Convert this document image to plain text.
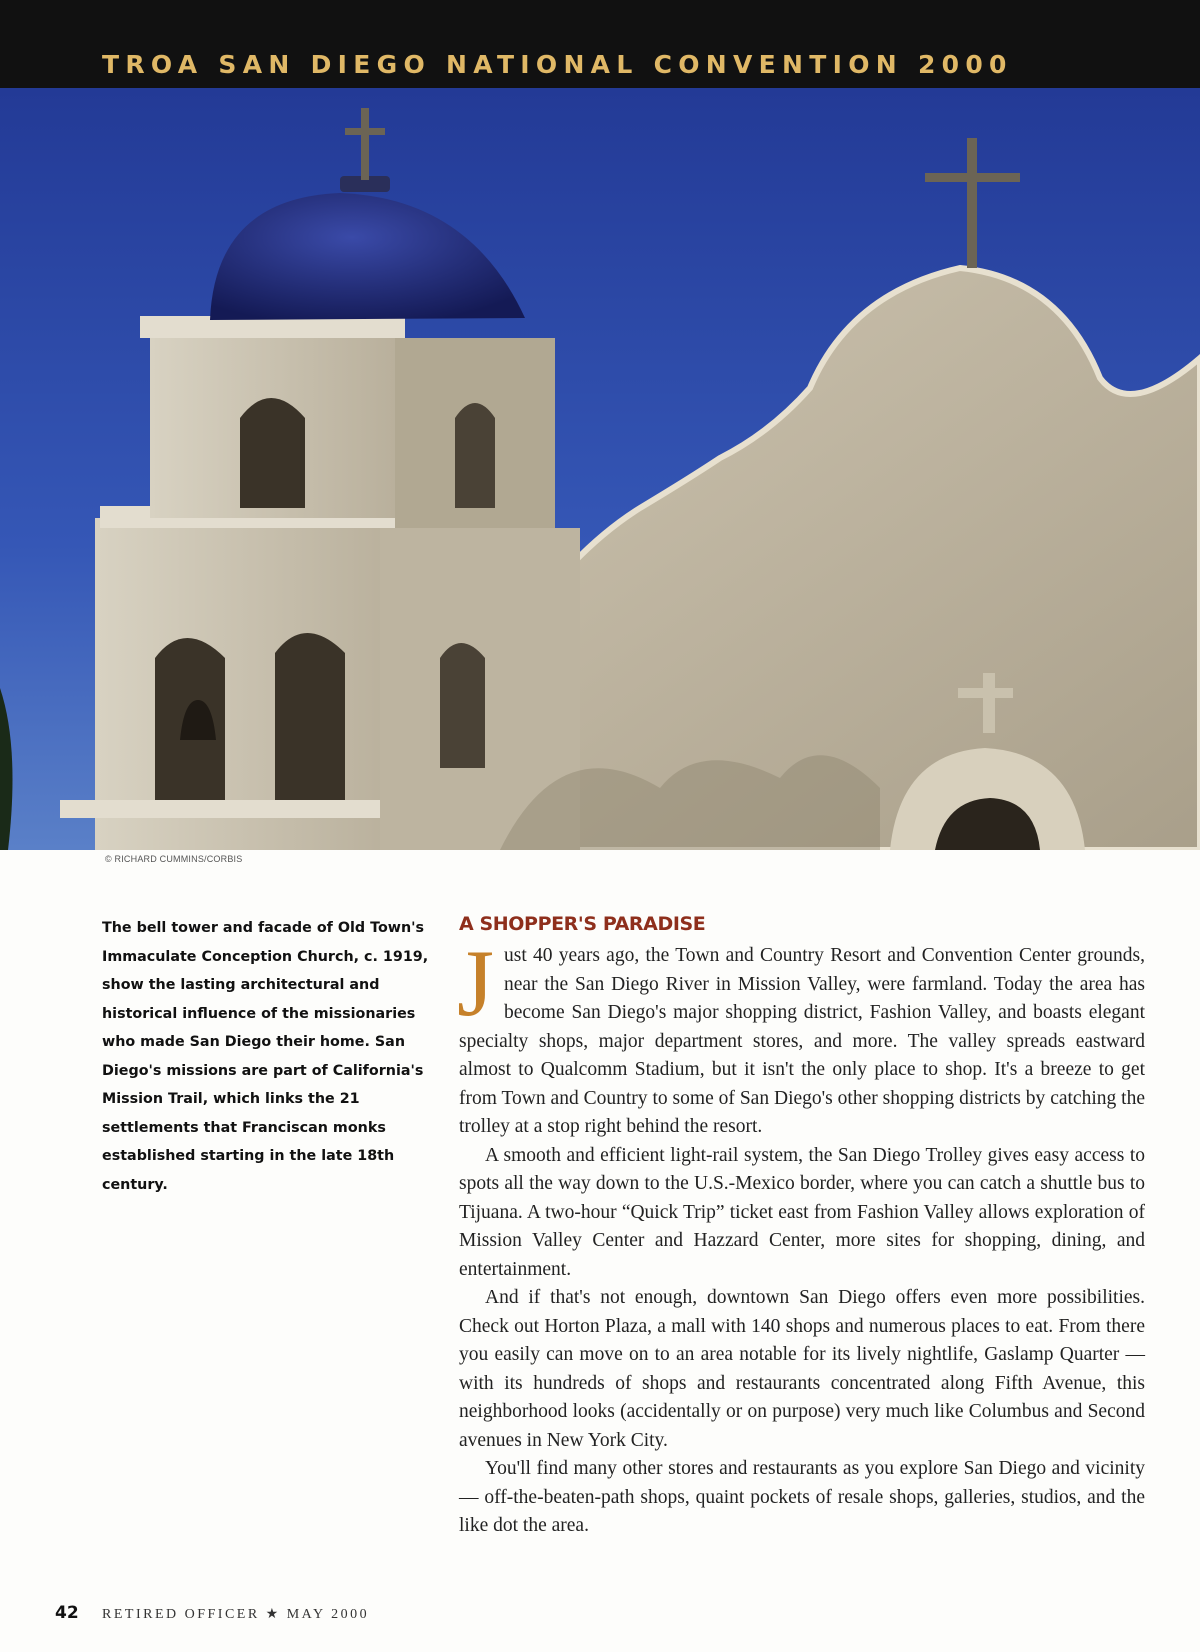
TROA SAN DIEGO NATIONAL CONVENTION 2000
© RICHARD CUMMINS/CORBIS
The bell tower and facade of Old Town's Immaculate Conception Church, c. 1919, show the lasting architectural and historical influence of the missionaries who made San Diego their home. San Diego's missions are part of California's Mission Trail, which links the 21 settlements that Franciscan monks established starting in the late 18th century.
A SHOPPER'S PARADISE

Just 40 years ago, the Town and Country Resort and Convention Center grounds, near the San Diego River in Mission Valley, were farmland. Today the area has become San Diego's major shopping district, Fashion Valley, and boasts elegant specialty shops, major department stores, and more. The valley spreads eastward almost to Qualcomm Stadium, but it isn't the only place to shop. It's a breeze to get from Town and Country to some of San Diego's other shopping districts by catching the trolley at a stop right behind the resort.

A smooth and efficient light-rail system, the San Diego Trolley gives easy access to spots all the way down to the U.S.-Mexico border, where you can catch a shuttle bus to Tijuana. A two-hour “Quick Trip” ticket east from Fashion Valley allows exploration of Mission Valley Center and Hazzard Center, more sites for shopping, dining, and entertainment.

And if that's not enough, downtown San Diego offers even more possibilities. Check out Horton Plaza, a mall with 140 shops and numerous places to eat. From there you easily can move on to an area notable for its lively nightlife, Gaslamp Quarter — with its hundreds of shops and restaurants concentrated along Fifth Avenue, this neighborhood looks (accidentally or on purpose) very much like Columbus and Second avenues in New York City.

You'll find many other stores and restaurants as you explore San Diego and vicinity — off-the-beaten-path shops, quaint pockets of resale shops, galleries, studios, and the like dot the area.

42 RETIRED OFFICER ★ MAY 2000
